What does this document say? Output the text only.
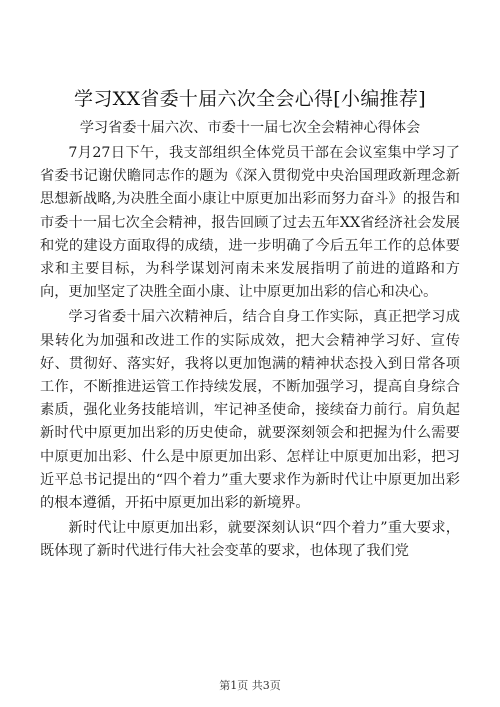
学习XX省委十届六次全会心得[小编推荐]
学习省委十届六次、市委十一届七次全会精神心得体会

7月27日下午，我支部组织全体党员干部在会议室集中学习了省委书记谢伏瞻同志作的题为《深入贯彻党中央治国理政新理念新思想新战略,为决胜全面小康让中原更加出彩而努力奋斗》的报告和市委十一届七次全会精神，报告回顾了过去五年XX省经济社会发展和党的建设方面取得的成绩，进一步明确了今后五年工作的总体要求和主要目标，为科学谋划河南未来发展指明了前进的道路和方向，更加坚定了决胜全面小康、让中原更加出彩的信心和决心。

学习省委十届六次精神后，结合自身工作实际，真正把学习成果转化为加强和改进工作的实际成效，把大会精神学习好、宣传好、贯彻好、落实好，我将以更加饱满的精神状态投入到日常各项工作，不断推进运管工作持续发展，不断加强学习，提高自身综合素质，强化业务技能培训，牢记神圣使命，接续奋力前行。肩负起新时代中原更加出彩的历史使命，就要深刻领会和把握为什么需要中原更加出彩、什么是中原更加出彩、怎样让中原更加出彩，把习近平总书记提出的“四个着力”重大要求作为新时代让中原更加出彩的根本遵循，开拓中原更加出彩的新境界。

新时代让中原更加出彩，就要深刻认识“四个着力”重大要求，既体现了新时代进行伟大社会变革的要求，也体现了我们党

第1页 共3页
